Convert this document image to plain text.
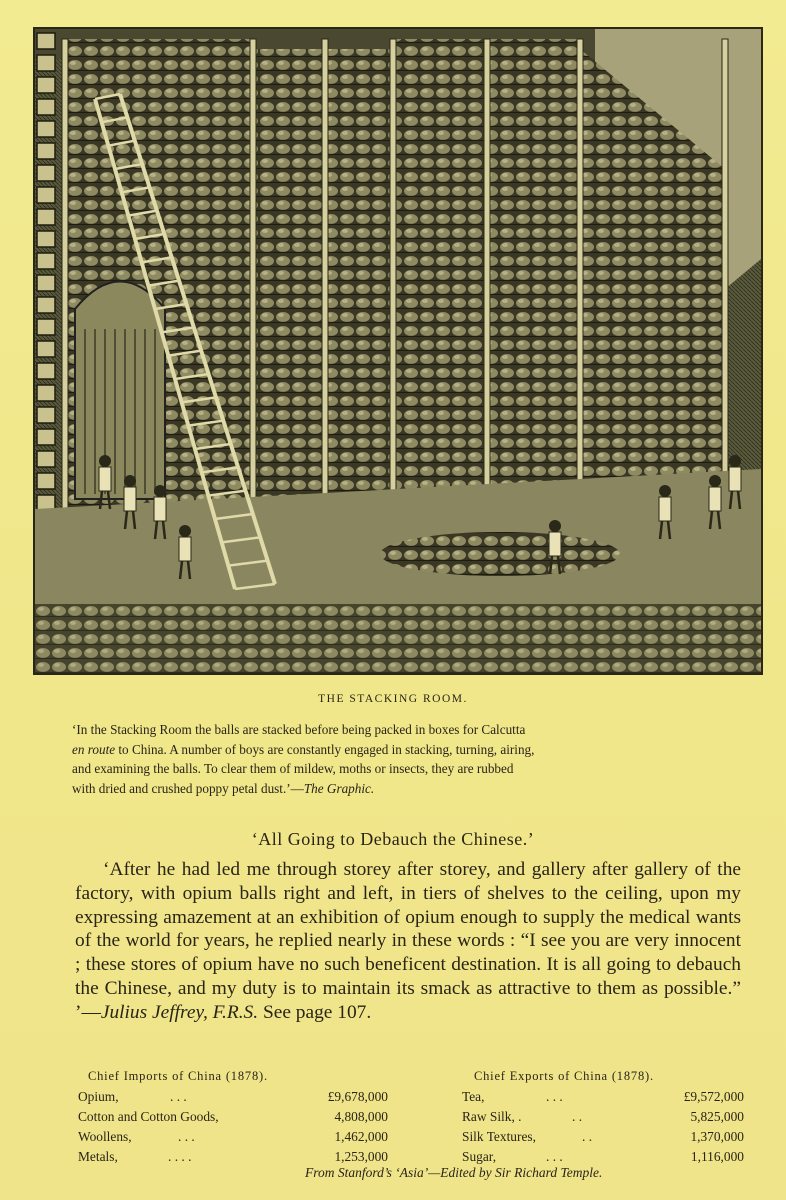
THE STACKING ROOM.
‘In the Stacking Room the balls are stacked before being packed in boxes for Calcutta
en route to China. A number of boys are constantly engaged in stacking, turning, airing,
and examining the balls. To clear them of mildew, moths or insects, they are rubbed
with dried and crushed poppy petal dust.’—The Graphic.
‘All Going to Debauch the Chinese.’
‘After he had led me through storey after storey, and gallery after gallery of the factory, with opium balls right and left, in tiers of shelves to the ceiling, upon my expressing amazement at an exhibition of opium enough to supply the medical wants of the world for years, he replied nearly in these words : “I see you are very innocent ; these stores of opium have no such beneficent destination. It is all going to debauch the Chinese, and my duty is to maintain its smack as attractive to them as possible.” ’—Julius Jeffrey, F.R.S. See page 107.
Chief Imports of China (1878).
Opium,	. . .	£9,678,000
Cotton and Cotton Goods,	4,808,000
Woollens,	. . .	1,462,000
Metals,	. . . .	1,253,000
Chief Exports of China (1878).
Tea,	. . .	£9,572,000
Raw Silk, .	. .	5,825,000
Silk Textures,	. .	1,370,000
Sugar,	. . .	1,116,000
From Stanford’s ‘Asia’—Edited by Sir Richard Temple.
